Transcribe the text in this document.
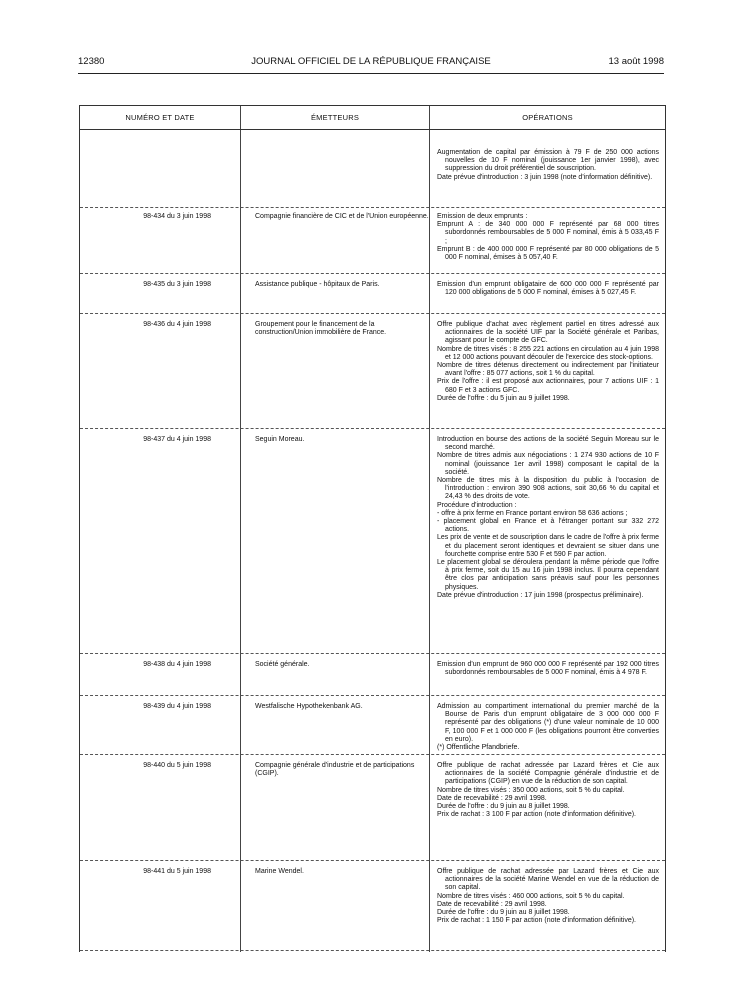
12380	JOURNAL OFFICIEL DE LA RÉPUBLIQUE FRANÇAISE	13 août 1998
NUMÉRO ET DATE	ÉMETTEURS	OPÉRATIONS

Augmentation de capital par émission à 79 F de 250 000 actions nouvelles de 10 F nominal (jouissance 1er janvier 1998), avec suppression du droit préférentiel de souscription.

Date prévue d'introduction : 3 juin 1998 (note d'information définitive).

98-434 du 3 juin 1998	Compagnie financière de CIC et de l'Union européenne.	Emission de deux emprunts :

Emprunt A : de 340 000 000 F représenté par 68 000 titres subordonnés remboursables de 5 000 F nominal, émis à 5 033,45 F ;

Emprunt B : de 400 000 000 F représenté par 80 000 obligations de 5 000 F nominal, émises à 5 057,40 F.

98-435 du 3 juin 1998	Assistance publique - hôpitaux de Paris.	Emission d'un emprunt obligataire de 600 000 000 F représenté par 120 000 obligations de 5 000 F nominal, émises à 5 027,45 F.

98-436 du 4 juin 1998	Groupement pour le financement de la construction/Union immobilière de France.

Offre publique d'achat avec règlement partiel en titres adressé aux actionnaires de la société UIF par la Société générale et Paribas, agissant pour le compte de GFC.

Nombre de titres visés : 8 255 221 actions en circulation au 4 juin 1998 et 12 000 actions pouvant découler de l'exercice des stock-options.

Nombre de titres détenus directement ou indirectement par l'initiateur avant l'offre : 85 077 actions, soit 1 % du capital.

Prix de l'offre : il est proposé aux actionnaires, pour 7 actions UIF : 1 680 F et 3 actions GFC.

Durée de l'offre : du 5 juin au 9 juillet 1998.

98-437 du 4 juin 1998	Seguin Moreau.	Introduction en bourse des actions de la société Seguin Moreau sur le second marché.

Nombre de titres admis aux négociations : 1 274 930 actions de 10 F nominal (jouissance 1er avril 1998) composant le capital de la société.

Nombre de titres mis à la disposition du public à l'occasion de l'introduction : environ 390 908 actions, soit 30,66 % du capital et 24,43 % des droits de vote.

Procédure d'introduction :

- offre à prix ferme en France portant environ 58 636 actions ;

- placement global en France et à l'étranger portant sur 332 272 actions.

Les prix de vente et de souscription dans le cadre de l'offre à prix ferme et du placement seront identiques et devraient se situer dans une fourchette comprise entre 530 F et 590 F par action.

Le placement global se déroulera pendant la même période que l'offre à prix ferme, soit du 15 au 16 juin 1998 inclus. Il pourra cependant être clos par anticipation sans préavis sauf pour les personnes physiques.

Date prévue d'introduction : 17 juin 1998 (prospectus préliminaire).

98-438 du 4 juin 1998	Société générale.	Emission d'un emprunt de 960 000 000 F représenté par 192 000 titres subordonnés remboursables de 5 000 F nominal, émis à 4 978 F.

98-439 du 4 juin 1998	Westfalische Hypothekenbank AG.	Admission au compartiment international du premier marché de la Bourse de Paris d'un emprunt obligataire de 3 000 000 000 F représenté par des obligations (*) d'une valeur nominale de 10 000 F, 100 000 F et 1 000 000 F (les obligations pourront être converties en euro).

(*) Offentliche Pfandbriefe.

98-440 du 5 juin 1998	Compagnie générale d'industrie et de participations (CGIP).

Offre publique de rachat adressée par Lazard frères et Cie aux actionnaires de la société Compagnie générale d'industrie et de participations (CGIP) en vue de la réduction de son capital.

Nombre de titres visés : 350 000 actions, soit 5 % du capital.

Date de recevabilité : 29 avril 1998.

Durée de l'offre : du 9 juin au 8 juillet 1998.

Prix de rachat : 3 100 F par action (note d'information définitive).

98-441 du 5 juin 1998	Marine Wendel.	Offre publique de rachat adressée par Lazard frères et Cie aux actionnaires de la société Marine Wendel en vue de la réduction de son capital.

Nombre de titres visés : 460 000 actions, soit 5 % du capital.

Date de recevabilité : 29 avril 1998.

Durée de l'offre : du 9 juin au 8 juillet 1998.

Prix de rachat : 1 150 F par action (note d'information définitive).
